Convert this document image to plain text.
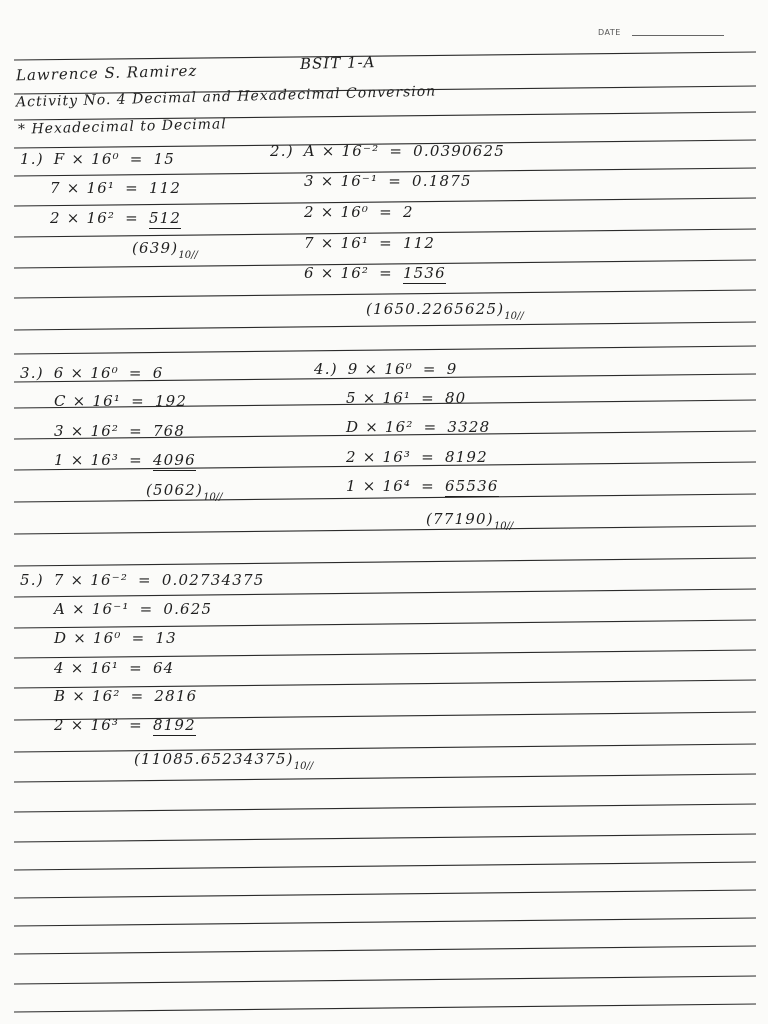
DATE
Lawrence S. Ramirez	BSIT 1-A
Activity No. 4 Decimal and Hexadecimal Conversion
* Hexadecimal to Decimal
1.) F × 16⁰ = 15
7 × 16¹ = 112
2 × 16² = 512
$(639)_{10//}$
2.) A × 16⁻² = 0.0390625
3 × 16⁻¹ = 0.1875
2 × 16⁰ = 2
7 × 16¹ = 112
6 × 16² = 1536
$(1650.2265625)_{10//}$
3.) 6 × 16⁰ = 6
C × 16¹ = 192
3 × 16² = 768
1 × 16³ = 4096
$(5062)_{10//}$
4.) 9 × 16⁰ = 9
5 × 16¹ = 80
D × 16² = 3328
2 × 16³ = 8192
1 × 16⁴ = 65536
$(77190)_{10//}$
5.) 7 × 16⁻² = 0.02734375
A × 16⁻¹ = 0.625
D × 16⁰ = 13
4 × 16¹ = 64
B × 16² = 2816
2 × 16³ = 8192
$(11085.65234375)_{10//}$
